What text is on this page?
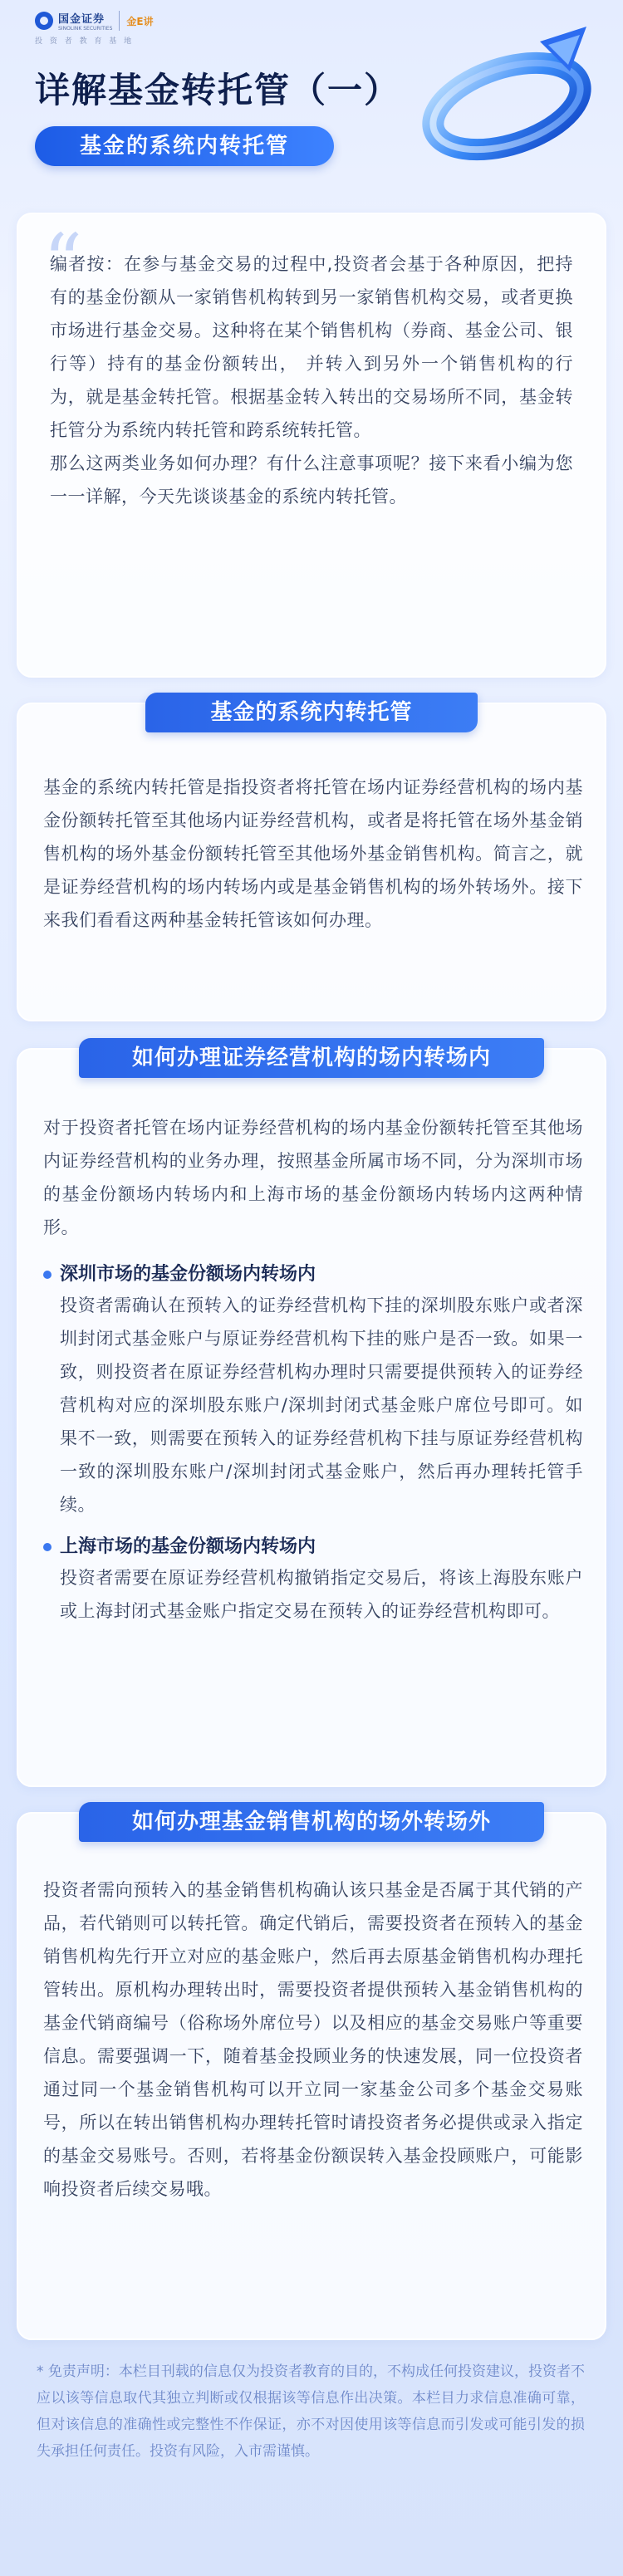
国金证券
SINOLINK SECURITIES
金E讲
投 资 者 教 育 基 地
详解基金转托管（一）
基金的系统内转托管
“
编者按：在参与基金交易的过程中,投资者会基于各种原因，把持有的基金份额从一家销售机构转到另一家销售机构交易，或者更换市场进行基金交易。这种将在某个销售机构（券商、基金公司、银行等）持有的基金份额转出， 并转入到另外一个销售机构的行为，就是基金转托管。根据基金转入转出的交易场所不同，基金转托管分为系统内转托管和跨系统转托管。
那么这两类业务如何办理？有什么注意事项呢？接下来看小编为您一一详解，今天先谈谈基金的系统内转托管。
基金的系统内转托管
基金的系统内转托管是指投资者将托管在场内证券经营机构的场内基金份额转托管至其他场内证券经营机构，或者是将托管在场外基金销售机构的场外基金份额转托管至其他场外基金销售机构。简言之，就是证券经营机构的场内转场内或是基金销售机构的场外转场外。接下来我们看看这两种基金转托管该如何办理。
如何办理证券经营机构的场内转场内
对于投资者托管在场内证券经营机构的场内基金份额转托管至其他场内证券经营机构的业务办理，按照基金所属市场不同，分为深圳市场的基金份额场内转场内和上海市场的基金份额场内转场内这两种情形。
深圳市场的基金份额场内转场内
投资者需确认在预转入的证券经营机构下挂的深圳股东账户或者深圳封闭式基金账户与原证券经营机构下挂的账户是否一致。如果一致，则投资者在原证券经营机构办理时只需要提供预转入的证券经营机构对应的深圳股东账户/深圳封闭式基金账户席位号即可。如果不一致，则需要在预转入的证券经营机构下挂与原证券经营机构一致的深圳股东账户/深圳封闭式基金账户，然后再办理转托管手续。
上海市场的基金份额场内转场内
投资者需要在原证券经营机构撤销指定交易后，将该上海股东账户或上海封闭式基金账户指定交易在预转入的证券经营机构即可。
如何办理基金销售机构的场外转场外
投资者需向预转入的基金销售机构确认该只基金是否属于其代销的产品，若代销则可以转托管。确定代销后，需要投资者在预转入的基金销售机构先行开立对应的基金账户，然后再去原基金销售机构办理托管转出。原机构办理转出时，需要投资者提供预转入基金销售机构的基金代销商编号（俗称场外席位号）以及相应的基金交易账户等重要信息。需要强调一下，随着基金投顾业务的快速发展，同一位投资者通过同一个基金销售机构可以开立同一家基金公司多个基金交易账号，所以在转出销售机构办理转托管时请投资者务必提供或录入指定的基金交易账号。否则，若将基金份额误转入基金投顾账户，可能影响投资者后续交易哦。
* 免责声明：本栏目刊载的信息仅为投资者教育的目的，不构成任何投资建议，投资者不应以该等信息取代其独立判断或仅根据该等信息作出决策。本栏目力求信息准确可靠，但对该信息的准确性或完整性不作保证，亦不对因使用该等信息而引发或可能引发的损失承担任何责任。投资有风险，入市需谨慎。
